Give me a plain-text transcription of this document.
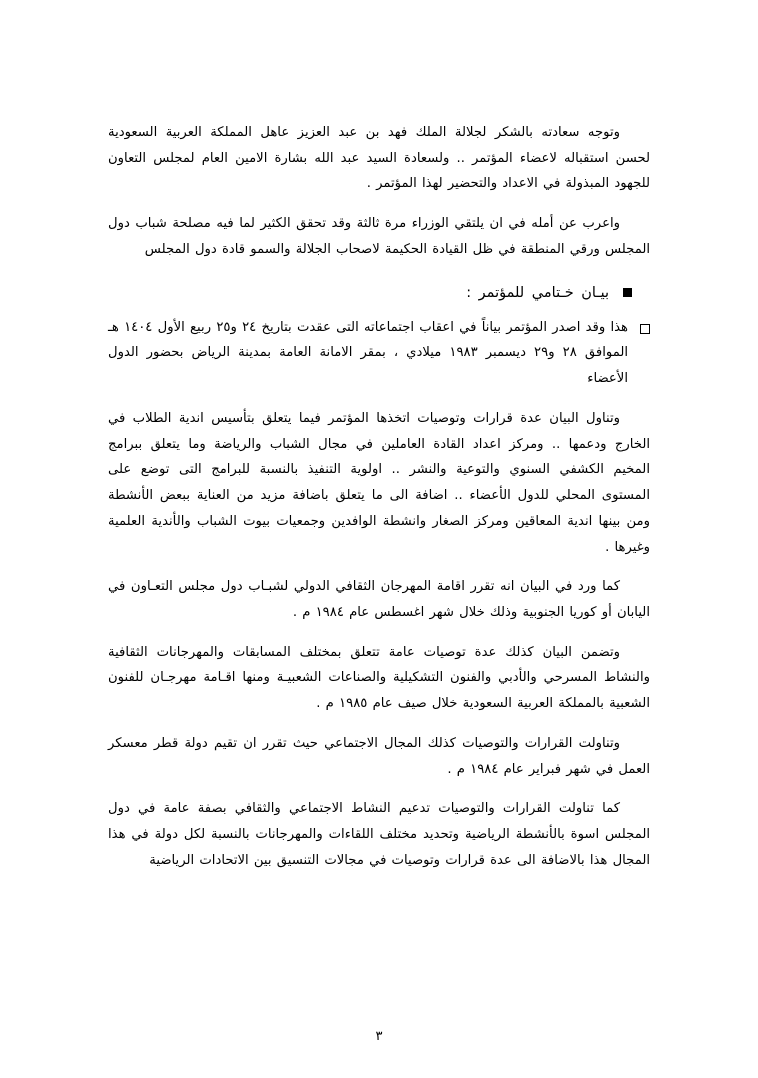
وتوجه سعادته بالشكر لجلالة الملك فهد بن عبد العزيز عاهل المملكة العربية السعودية لحسن استقباله لاعضاء المؤتمر .. ولسعادة السيد عبد الله بشارة الامين العام لمجلس التعاون للجهود المبذولة في الاعداد والتحضير لهذا المؤتمر .

واعرب عن أمله في ان يلتقي الوزراء مرة ثالثة وقد تحقق الكثير لما فيه مصلحة شباب دول المجلس ورقي المنطقة في ظل القيادة الحكيمة لاصحاب الجلالة والسمو قادة دول المجلس

بيـان خـتامي للمؤتمر :
هذا وقد اصدر المؤتمر بياناً في اعقاب اجتماعاته التى عقدت بتاريخ ٢٤ و٢٥ ربيع الأول ١٤٠٤ هـ الموافق ٢٨ و٢٩ ديسمبر ١٩٨٣ ميلادي ، بمقر الامانة العامة بمدينة الرياض بحضور الدول الأعضاء

وتناول البيان عدة قرارات وتوصيات اتخذها المؤتمر فيما يتعلق بتأسيس اندية الطلاب في الخارج ودعمها .. ومركز اعداد القادة العاملين في مجال الشباب والرياضة وما يتعلق ببرامج المخيم الكشفي السنوي والتوعية والنشر .. اولوية التنفيذ بالنسبة للبرامج التى توضع على المستوى المحلي للدول الأعضاء .. اضافة الى ما يتعلق باضافة مزيد من العناية ببعض الأنشطة ومن بينها اندية المعاقين ومركز الصغار وانشطة الوافدين وجمعيات بيوت الشباب والأندية العلمية وغيرها .

كما ورد في البيان انه تقرر اقامة المهرجان الثقافي الدولي لشبـاب دول مجلس التعـاون في اليابان أو كوريا الجنوبية وذلك خلال شهر اغسطس عام ١٩٨٤ م .

وتضمن البيان كذلك عدة توصيات عامة تتعلق بمختلف المسابقات والمهرجانات الثقافية والنشاط المسرحي والأدبي والفنون التشكيلية والصناعات الشعبيـة ومنها اقـامة مهرجـان للفنون الشعبية بالمملكة العربية السعودية خلال صيف عام ١٩٨٥ م .

وتناولت القرارات والتوصيات كذلك المجال الاجتماعي حيث تقرر ان تقيم دولة قطر معسكر العمل في شهر فبراير عام ١٩٨٤ م .

كما تناولت القرارات والتوصيات تدعيم النشاط الاجتماعي والثقافي بصفة عامة في دول المجلس اسوة بالأنشطة الرياضية وتحديد مختلف اللقاءات والمهرجانات بالنسبة لكل دولة في هذا المجال هذا بالاضافة الى عدة قرارات وتوصيات في مجالات التنسيق بين الاتحادات الرياضية

٣
